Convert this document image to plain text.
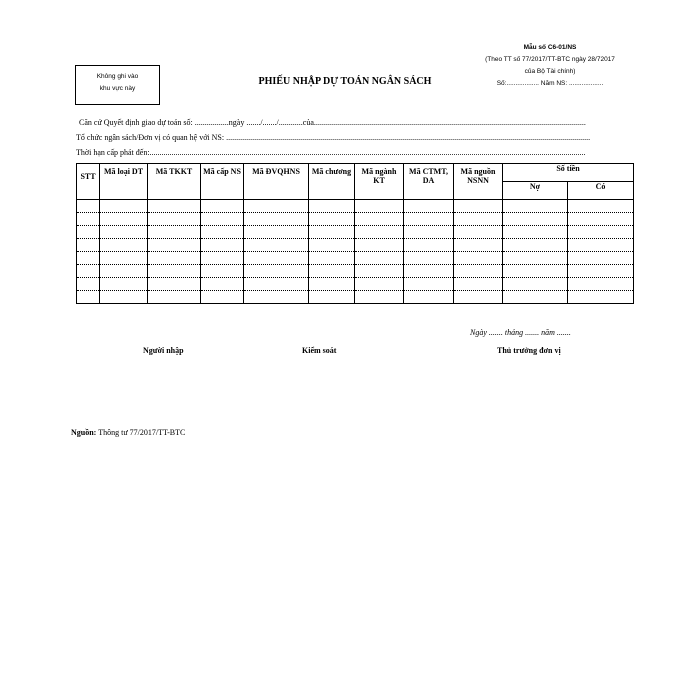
Không ghi vào
khu vực này
Mẫu số C6-01/NS
(Theo TT số 77/2017/TT-BTC ngày 28/72017
của Bộ Tài chính)
Số:.................. Năm NS: ...................
PHIẾU NHẬP DỰ TOÁN NGÂN SÁCH
Căn cứ Quyết định giao dự toán số: .................ngày ......./......./............của........................................................................................................................................
Tổ chức ngân sách/Đơn vị có quan hệ với NS: ......................................................................................................................................................................................
Thời hạn cấp phát đến:..........................................................................................................................................................................................................................
STT	Mã loại DT	Mã TKKT	Mã cấp NS	Mã ĐVQHNS	Mã chương	Mã ngành KT	Mã CTMT, DA	Mã nguồn NSNN	Số tiền	
									Nợ	Có

Ngày ....... tháng ....... năm .......
Người nhập	Kiểm soát	Thủ trưởng đơn vị
Nguồn: Thông tư 77/2017/TT-BTC
